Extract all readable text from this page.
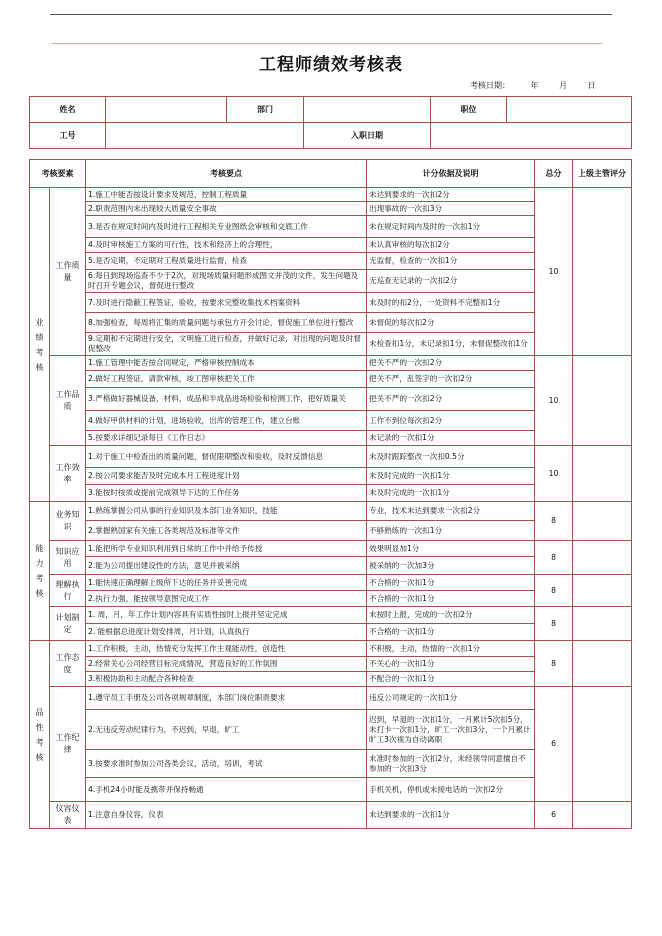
工程师绩效考核表
考核日期： 年 月 日
姓名		部门		职位	
工号			入职日期		
考核要素		考核要点	计分依据及说明	总分	上级主管评分
业绩考核	工作质量	1.施工中能否按设计要求及规范，控制工程质量	未达到要求的一次扣2分	10	
		2.职责范围内未出现较大质量安全事故	出现事故的一次扣3分		
		3.是否在规定时间内及时进行工程相关专业图纸会审核和交底工作	未在规定时间内及时的一次扣1分		
		4.及时审核施工方案的可行性，技术和经济上的合理性，	未认真审核的每次扣2分		
		5.是否定期，不定期对工程质量进行监督，检查	无监督，检查的一次扣1分		
		6.每日到现场巡查不少于2次，对现场质量问题形成图文并茂的文件，发生问题及时召开专题会议，督促进行整改	无巡查无记录的一次扣2分		
		7.及时进行隐蔽工程签证，验收，按要求完整收集技术档案资料	未及时的扣2分，一处资料不完整扣1分		
		8.加强检查，每周将汇集的质量问题与承包方开会讨论，督促施工单位进行整改	未督促的每次扣2分		
		9.定期和不定期进行安全，文明施工进行检查，并做好记录，对出现的问题及时督促整改	未检查扣1分，未记录扣1分，未督促整改扣1分		
	工作品质	1.施工管理中能否按合同规定，严格审核控制成本	把关不严的一次扣2分	10	
		2.做好工程签证，请款审核，竣工图审核把关工作	把关不严，乱签字的一次扣2分		
		3.严格做好器械设备，材料，成品和半成品进场检验和检测工作，把好质量关	把关不严的一次扣2分		
		4.做好甲供材料的计划，进场验收，出库的管理工作，建立台账	工作不到位每次扣2分		
		5.按要求详细记录每日《工作日志》	未记录的一次扣1分		
	工作效率	1.对于施工中检查出的质量问题，督促限期整改和验收，及时反馈信息	未及时跟踪整改一次扣0.5分	10	
		2.按公司要求能否及时完成本月工程进度计划	未及时完成的一次扣1分		
		3.能按时按质或提前完成领导下达的工作任务	未及时完成的一次扣1分		
能力考核	业务知识	1.熟练掌握公司从事的行业知识及本部门业务知识，技能	专业，技术未达到要求一次扣2分	8	
		2.掌握熟国家有关施工各类规范及标准等文件	不够熟练的一次扣1分		
	知识应用	1.能把所学专业知识利用到日常的工作中并给予传授	效果明显加1分	8	
		2.能为公司提出建设性的方法，意见并被采纳	被采纳的一次加3分		
	理解执行	1.能快速正确理解上级所下达的任务并妥善完成	不合格的一次扣1分	8	
		2.执行力强，能按领导意图完成工作	不合格的一次扣1分		
	计划制定	1. 周，月，年工作计划内容具有实质性按时上报并坚定完成	未按时上报，完成的一次扣2分	8	
		2. 能根据总进度计划安排周，月计划，认真执行	不合格的一次扣1分		
品性考核	工作态度	1.工作积极，主动，热情充分发挥工作主观能动性，创造性	不积极，主动，热情的一次扣1分	8	
		2.经常关心公司经营目标完成情况，营造良好的工作氛围	不关心的一次扣1分		
		3.积极协助和主动配合各种检查	不配合的一次扣1分		
	工作纪律	1.遵守员工手册及公司各项规章制度，本部门岗位职责要求	违反公司规定的一次扣1分	6	
		2.无违反劳动纪律行为，不迟到，早退，旷工	迟到，早退的一次扣1分，一月累计5次扣5分，未打卡一次扣1分，旷工一次扣3分，一个月累计旷工3次视为自动离职		
		3.按要求准时参加公司各类会议，活动，培训，考试	未准时参加的一次扣2分，未经领导同意擅自不参加的一次扣3分		
		4.手机24小时能及携带并保持畅通	手机关机，停机或未接电话的一次扣2分		
	仪容仪表	1.注意自身仪容，仪表	未达到要求的一次扣1分	6	
